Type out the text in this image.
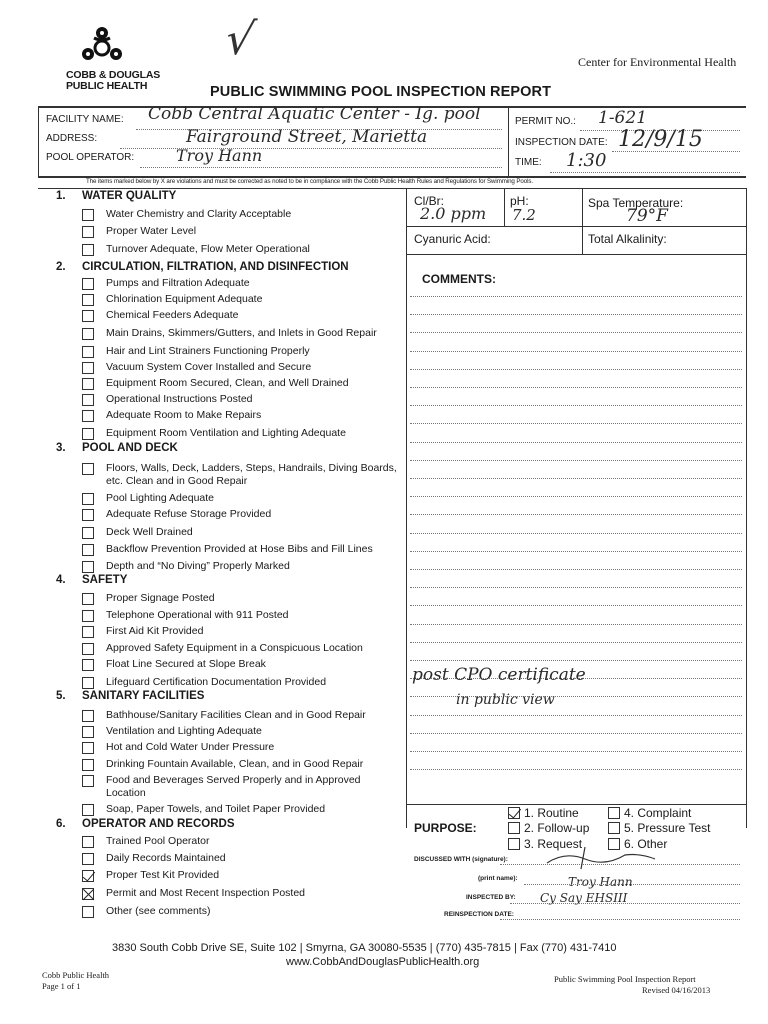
COBB & DOUGLAS
PUBLIC HEALTH
√	Center for Environmental Health
PUBLIC SWIMMING POOL INSPECTION REPORT
FACILITY NAME: Cobb Central Aquatic Center - Ig. pool
ADDRESS:	Fairground Street, Marietta
POOL OPERATOR:	Troy Hann
PERMIT NO.: 1-621
INSPECTION DATE: 12/9/15
TIME: 1:30
The items marked below by X are violations and must be corrected as noted to be in compliance with the Cobb Public Health Rules and Regulations for Swimming Pools.
1. WATER QUALITY
Water Chemistry and Clarity Acceptable
Proper Water Level
Turnover Adequate, Flow Meter Operational
2. CIRCULATION, FILTRATION, AND DISINFECTION
Pumps and Filtration Adequate
Chlorination Equipment Adequate
Chemical Feeders Adequate
Main Drains, Skimmers/Gutters, and Inlets in Good Repair
Hair and Lint Strainers Functioning Properly
Vacuum System Cover Installed and Secure
Equipment Room Secured, Clean, and Well Drained
Operational Instructions Posted
Adequate Room to Make Repairs
Equipment Room Ventilation and Lighting Adequate
3. POOL AND DECK
Floors, Walls, Deck, Ladders, Steps, Handrails, Diving Boards, etc. Clean and in Good Repair
Pool Lighting Adequate
Adequate Refuse Storage Provided
Deck Well Drained
Backflow Prevention Provided at Hose Bibs and Fill Lines
Depth and “No Diving” Properly Marked
4. SAFETY
Proper Signage Posted
Telephone Operational with 911 Posted
First Aid Kit Provided
Approved Safety Equipment in a Conspicuous Location
Float Line Secured at Slope Break
Lifeguard Certification Documentation Provided
5. SANITARY FACILITIES
Bathhouse/Sanitary Facilities Clean and in Good Repair
Ventilation and Lighting Adequate
Hot and Cold Water Under Pressure
Drinking Fountain Available, Clean, and in Good Repair
Food and Beverages Served Properly and in Approved Location
Soap, Paper Towels, and Toilet Paper Provided
6. OPERATOR AND RECORDS
Trained Pool Operator
Daily Records Maintained
Proper Test Kit Provided
Permit and Most Recent Inspection Posted
Other (see comments)
Cl/Br:
2.0 ppm
pH:
7.2
Spa Temperature:
79°F
Cyanuric Acid:	Total Alkalinity:
COMMENTS:
post CPO certificate
in public view
PURPOSE:
1. Routine	4. Complaint
2. Follow-up	5. Pressure Test
3. Request	6. Other
DISCUSSED WITH (signature):
(print name):	Troy Hann
INSPECTED BY: Cy Say EHSIII
REINSPECTION DATE:
3830 South Cobb Drive SE, Suite 102 | Smyrna, GA 30080-5535 | (770) 435-7815 | Fax (770) 431-7410
www.CobbAndDouglasPublicHealth.org
Cobb Public Health
Page 1 of 1
Public Swimming Pool Inspection Report
Revised 04/16/2013
